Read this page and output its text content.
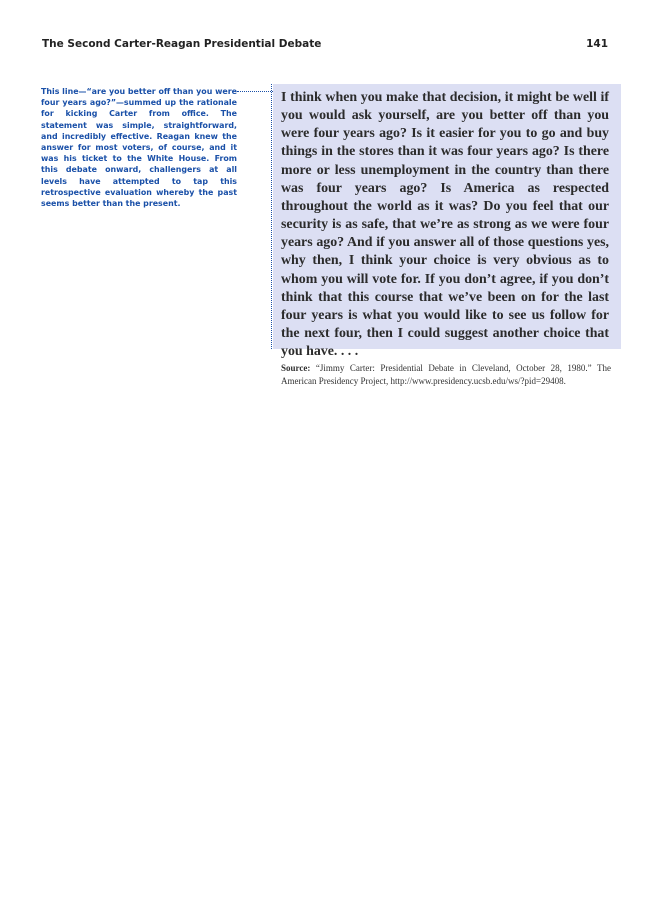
The Second Carter-Reagan Presidential Debate	141

This line—“are you better off than you were four years ago?”—summed up the rationale for kicking Carter from office. The statement was simple, straightforward, and incredibly effective. Reagan knew the answer for most voters, of course, and it was his ticket to the White House. From this debate onward, challengers at all levels have attempted to tap this retrospective evaluation whereby the past seems better than the present.

I think when you make that decision, it might be well if you would ask yourself, are you better off than you were four years ago? Is it easier for you to go and buy things in the stores than it was four years ago? Is there more or less unemployment in the country than there was four years ago? Is America as respected throughout the world as it was? Do you feel that our security is as safe, that we’re as strong as we were four years ago? And if you answer all of those questions yes, why then, I think your choice is very obvious as to whom you will vote for. If you don’t agree, if you don’t think that this course that we’ve been on for the last four years is what you would like to see us follow for the next four, then I could suggest another choice that you have. . . .

Source: “Jimmy Carter: Presidential Debate in Cleveland, October 28, 1980.” The American Presidency Project, http://www.presidency.ucsb.edu/ws/?pid=29408.
